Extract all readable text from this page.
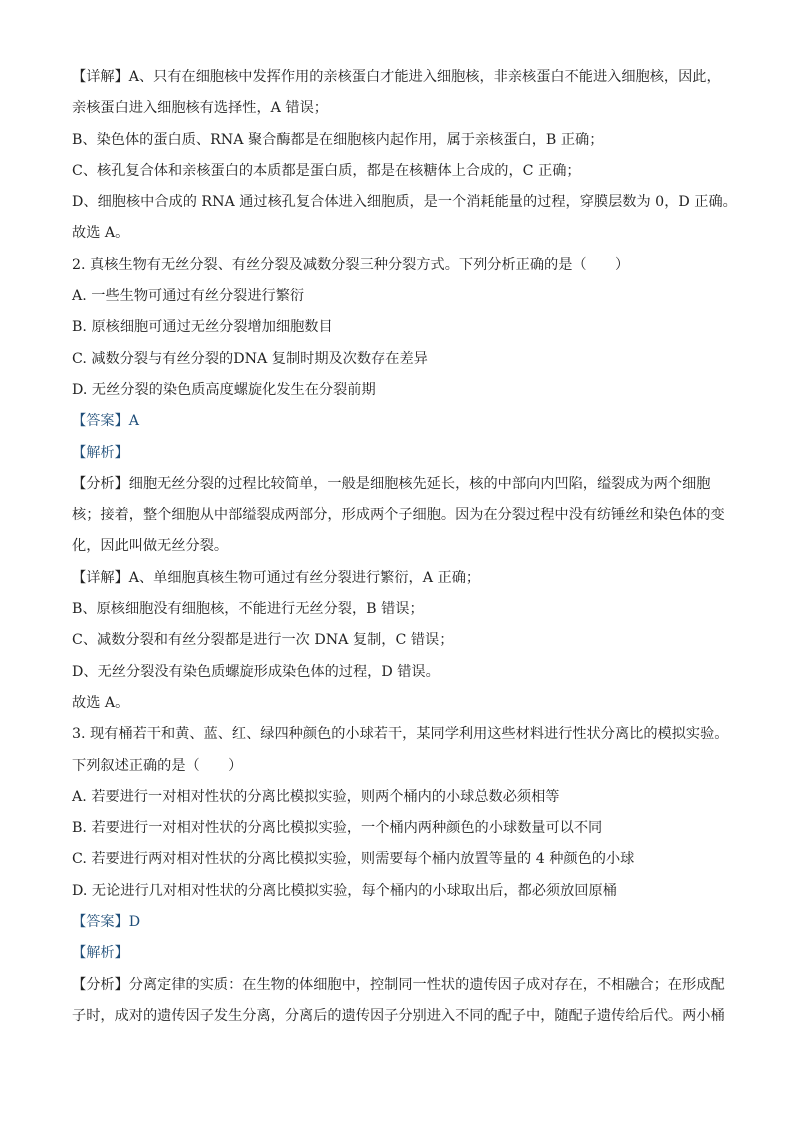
【详解】A、只有在细胞核中发挥作用的亲核蛋白才能进入细胞核，非亲核蛋白不能进入细胞核，因此，
亲核蛋白进入细胞核有选择性，A 错误；
B、染色体的蛋白质、RNA 聚合酶都是在细胞核内起作用，属于亲核蛋白，B 正确；
C、核孔复合体和亲核蛋白的本质都是蛋白质，都是在核糖体上合成的，C 正确；
D、细胞核中合成的 RNA 通过核孔复合体进入细胞质，是一个消耗能量的过程，穿膜层数为 0，D 正确。
故选 A。
2. 真核生物有无丝分裂、有丝分裂及减数分裂三种分裂方式。下列分析正确的是（　　）
A. 一些生物可通过有丝分裂进行繁衍
B. 原核细胞可通过无丝分裂增加细胞数目
C. 减数分裂与有丝分裂的DNA 复制时期及次数存在差异
D. 无丝分裂的染色质高度螺旋化发生在分裂前期
【答案】A
【解析】
【分析】细胞无丝分裂的过程比较简单，一般是细胞核先延长，核的中部向内凹陷，缢裂成为两个细胞
核；接着，整个细胞从中部缢裂成两部分，形成两个子细胞。因为在分裂过程中没有纺锤丝和染色体的变
化，因此叫做无丝分裂。
【详解】A、单细胞真核生物可通过有丝分裂进行繁衍，A 正确；
B、原核细胞没有细胞核，不能进行无丝分裂，B 错误；
C、减数分裂和有丝分裂都是进行一次 DNA 复制，C 错误；
D、无丝分裂没有染色质螺旋形成染色体的过程，D 错误。
故选 A。
3. 现有桶若干和黄、蓝、红、绿四种颜色的小球若干，某同学利用这些材料进行性状分离比的模拟实验。
下列叙述正确的是（　　）
A. 若要进行一对相对性状的分离比模拟实验，则两个桶内的小球总数必须相等
B. 若要进行一对相对性状的分离比模拟实验，一个桶内两种颜色的小球数量可以不同
C. 若要进行两对相对性状的分离比模拟实验，则需要每个桶内放置等量的 4 种颜色的小球
D. 无论进行几对相对性状的分离比模拟实验，每个桶内的小球取出后，都必须放回原桶
【答案】D
【解析】
【分析】分离定律的实质：在生物的体细胞中，控制同一性状的遗传因子成对存在，不相融合；在形成配
子时，成对的遗传因子发生分离，分离后的遗传因子分别进入不同的配子中，随配子遗传给后代。两小桶
